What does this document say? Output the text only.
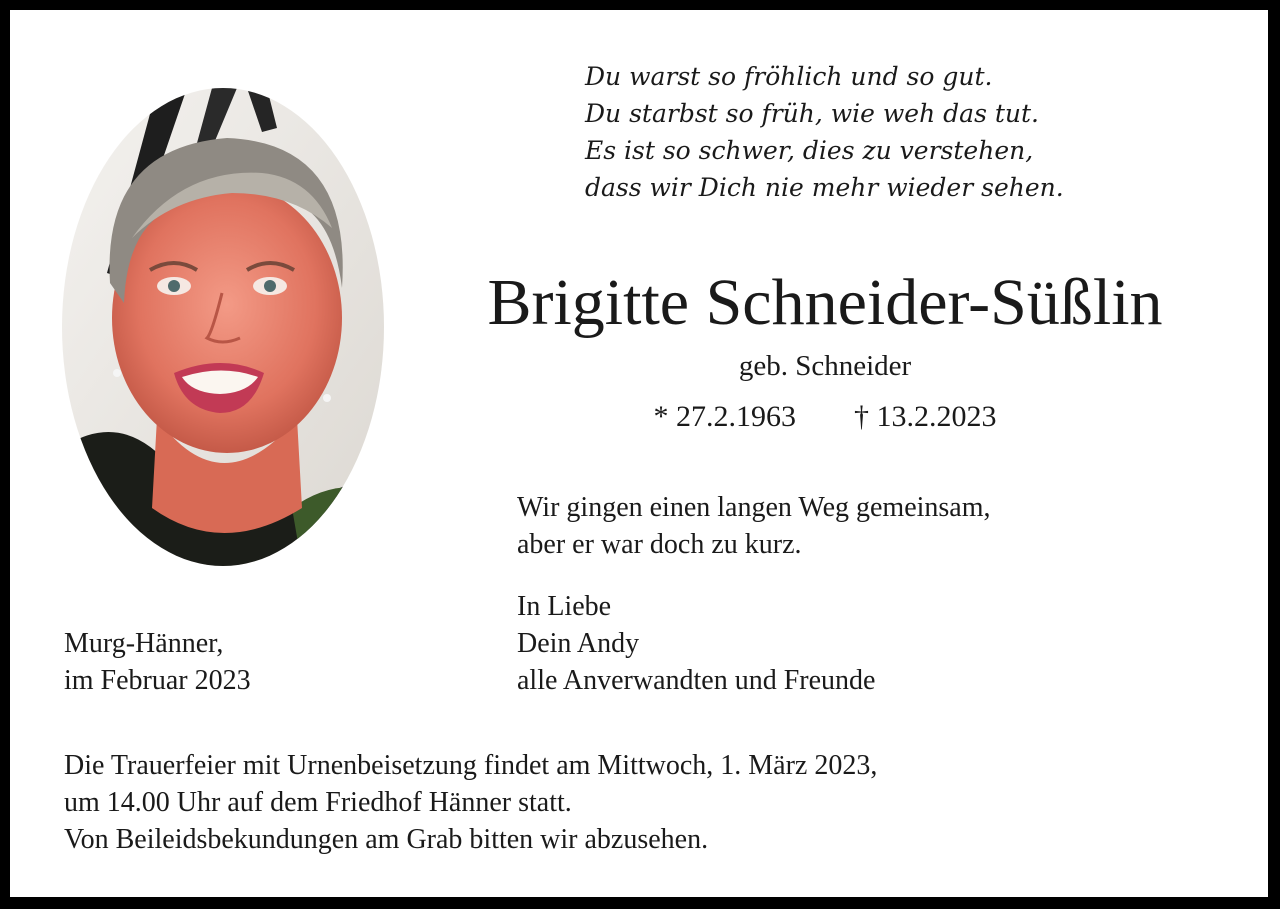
Du warst so fröhlich und so gut.
Du starbst so früh, wie weh das tut.
Es ist so schwer, dies zu verstehen,
dass wir Dich nie mehr wieder sehen.
Brigitte Schneider-Süßlin
geb. Schneider
* 27.2.1963 † 13.2.2023
Wir gingen einen langen Weg gemeinsam,
aber er war doch zu kurz.
In Liebe
Dein Andy
alle Anverwandten und Freunde
Murg-Hänner,
im Februar 2023
Die Trauerfeier mit Urnenbeisetzung findet am Mittwoch, 1. März 2023,
um 14.00 Uhr auf dem Friedhof Hänner statt.
Von Beileidsbekundungen am Grab bitten wir abzusehen.
